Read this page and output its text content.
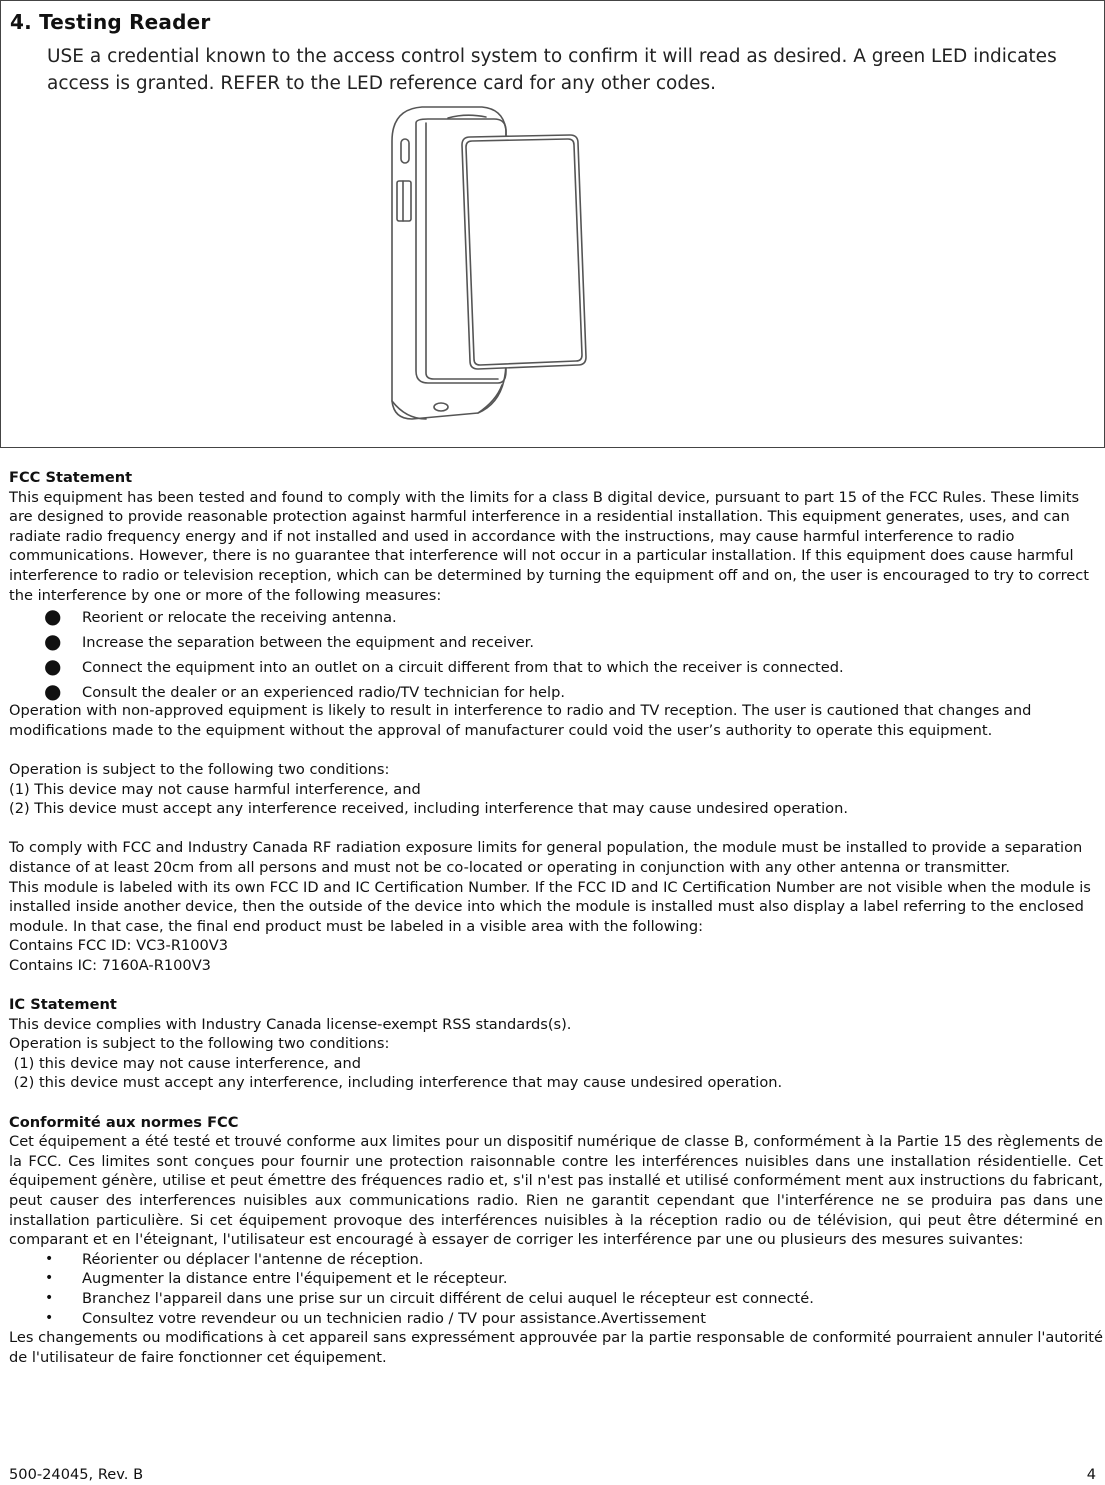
4. Testing Reader
USE a credential known to the access control system to confirm it will read as desired. A green LED indicates access is granted. REFER to the LED reference card for any other codes.

FCC Statement

This equipment has been tested and found to comply with the limits for a class B digital device, pursuant to part 15 of the FCC Rules. These limits are designed to provide reasonable protection against harmful interference in a residential installation. This equipment generates, uses, and can radiate radio frequency energy and if not installed and used in accordance with the instructions, may cause harmful interference to radio communications. However, there is no guarantee that interference will not occur in a particular installation. If this equipment does cause harmful interference to radio or television reception, which can be determined by turning the equipment off and on, the user is encouraged to try to correct the interference by one or more of the following measures:

● Reorient or relocate the receiving antenna.
● Increase the separation between the equipment and receiver.
● Connect the equipment into an outlet on a circuit different from that to which the receiver is connected.
● Consult the dealer or an experienced radio/TV technician for help.

Operation with non-approved equipment is likely to result in interference to radio and TV reception. The user is cautioned that changes and modifications made to the equipment without the approval of manufacturer could void the user’s authority to operate this equipment.

Operation is subject to the following two conditions:

(1) This device may not cause harmful interference, and

(2) This device must accept any interference received, including interference that may cause undesired operation.

To comply with FCC and Industry Canada RF radiation exposure limits for general population, the module must be installed to provide a separation distance of at least 20cm from all persons and must not be co-located or operating in conjunction with any other antenna or transmitter.

This module is labeled with its own FCC ID and IC Certification Number. If the FCC ID and IC Certification Number are not visible when the module is installed inside another device, then the outside of the device into which the module is installed must also display a label referring to the enclosed module. In that case, the final end product must be labeled in a visible area with the following:

Contains FCC ID: VC3-R100V3

Contains IC: 7160A-R100V3

IC Statement

This device complies with Industry Canada license-exempt RSS standards(s).

Operation is subject to the following two conditions:

(1) this device may not cause interference, and

(2) this device must accept any interference, including interference that may cause undesired operation.

Conformité aux normes FCC

Cet équipement a été testé et trouvé conforme aux limites pour un dispositif numérique de classe B, conformément à la Partie 15 des règlements de la FCC. Ces limites sont conçues pour fournir une protection raisonnable contre les interférences nuisibles dans une installation résidentielle. Cet équipement génère, utilise et peut émettre des fréquences radio et, s'il n'est pas installé et utilisé conformément ment aux instructions du fabricant, peut causer des interferences nuisibles aux communications radio. Rien ne garantit cependant que l'interférence ne se produira pas dans une installation particulière. Si cet équipement provoque des interférences nuisibles à la réception radio ou de télévision, qui peut être déterminé en comparant et en l'éteignant, l'utilisateur est encouragé à essayer de corriger les interférence par une ou plusieurs des mesures suivantes:

• Réorienter ou déplacer l'antenne de réception.
• Augmenter la distance entre l'équipement et le récepteur.
• Branchez l'appareil dans une prise sur un circuit différent de celui auquel le récepteur est connecté.
• Consultez votre revendeur ou un technicien radio / TV pour assistance.Avertissement

Les changements ou modifications à cet appareil sans expressément approuvée par la partie responsable de conformité pourraient annuler l'autorité de l'utilisateur de faire fonctionner cet équipement.

500-24045, Rev. B	4
